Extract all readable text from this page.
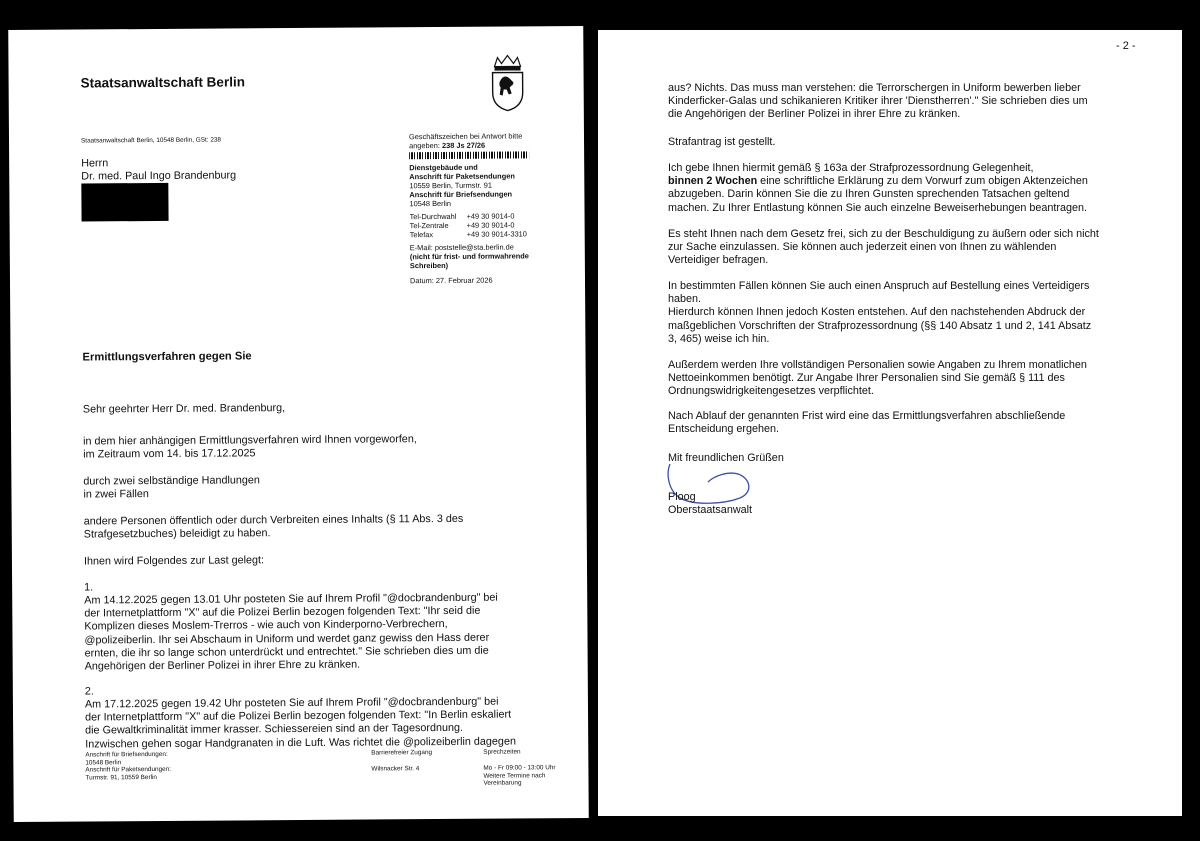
Staatsanwaltschaft Berlin
Staatsanwaltschaft Berlin, 10548 Berlin, GSt: 238
Herrn
Dr. med. Paul Ingo Brandenburg
Geschäftszeichen bei Antwort bitte
angeben: 238 Js 27/26
Dienstgebäude und
Anschrift für Paketsendungen
10559 Berlin, Turmstr. 91
Anschrift für Briefsendungen
10548 Berlin
Tel-Durchwahl	+49 30 9014-0
Tel-Zentrale	+49 30 9014-0
Telefax	+49 30 9014-3310
E-Mail: poststelle@sta.berlin.de
(nicht für frist- und formwahrende Schreiben)
Datum: 27. Februar 2026
Ermittlungsverfahren gegen Sie
Sehr geehrter Herr Dr. med. Brandenburg,
in dem hier anhängigen Ermittlungsverfahren wird Ihnen vorgeworfen,
im Zeitraum vom 14. bis 17.12.2025
durch zwei selbständige Handlungen
in zwei Fällen
andere Personen öffentlich oder durch Verbreiten eines Inhalts (§ 11 Abs. 3 des
Strafgesetzbuches) beleidigt zu haben.
Ihnen wird Folgendes zur Last gelegt:
1.
Am 14.12.2025 gegen 13.01 Uhr posteten Sie auf Ihrem Profil "@docbrandenburg" bei
der Internetplattform "X" auf die Polizei Berlin bezogen folgenden Text: "Ihr seid die
Komplizen dieses Moslem-Trerros - wie auch von Kinderporno-Verbrechern,
@polizeiberlin. Ihr sei Abschaum in Uniform und werdet ganz gewiss den Hass derer
ernten, die ihr so lange schon unterdrückt und entrechtet." Sie schrieben dies um die
Angehörigen der Berliner Polizei in ihrer Ehre zu kränken.
2.
Am 17.12.2025 gegen 19.42 Uhr posteten Sie auf Ihrem Profil "@docbrandenburg" bei
der Internetplattform "X" auf die Polizei Berlin bezogen folgenden Text: "In Berlin eskaliert
die Gewaltkriminalität immer krasser. Schiessereien sind an der Tagesordnung.
Inzwischen gehen sogar Handgranaten in die Luft. Was richtet die @polizeiberlin dagegen
Anschrift für Briefsendungen:
10548 Berlin
Anschrift für Paketsendungen:
Turmstr. 91, 10559 Berlin
Barrierefreier Zugang
Wilsnacker Str. 4
Sprechzeiten
Mo - Fr 09:00 - 13:00 Uhr
Weitere Termine nach
Vereinbarung
- 2 -
aus? Nichts. Das muss man verstehen: die Terrorschergen in Uniform bewerben lieber
Kinderficker-Galas und schikanieren Kritiker ihrer 'Dienstherren'." Sie schrieben dies um
die Angehörigen der Berliner Polizei in ihrer Ehre zu kränken.
Strafantrag ist gestellt.
Ich gebe Ihnen hiermit gemäß § 163a der Strafprozessordnung Gelegenheit,
binnen 2 Wochen eine schriftliche Erklärung zu dem Vorwurf zum obigen Aktenzeichen
abzugeben. Darin können Sie die zu Ihren Gunsten sprechenden Tatsachen geltend
machen. Zu Ihrer Entlastung können Sie auch einzelne Beweiserhebungen beantragen.
Es steht Ihnen nach dem Gesetz frei, sich zu der Beschuldigung zu äußern oder sich nicht
zur Sache einzulassen. Sie können auch jederzeit einen von Ihnen zu wählenden
Verteidiger befragen.
In bestimmten Fällen können Sie auch einen Anspruch auf Bestellung eines Verteidigers
haben.
Hierdurch können Ihnen jedoch Kosten entstehen. Auf den nachstehenden Abdruck der
maßgeblichen Vorschriften der Strafprozessordnung (§§ 140 Absatz 1 und 2, 141 Absatz
3, 465) weise ich hin.
Außerdem werden Ihre vollständigen Personalien sowie Angaben zu Ihrem monatlichen
Nettoeinkommen benötigt. Zur Angabe Ihrer Personalien sind Sie gemäß § 111 des
Ordnungswidrigkeitengesetzes verpflichtet.
Nach Ablauf der genannten Frist wird eine das Ermittlungsverfahren abschließende
Entscheidung ergehen.
Mit freundlichen Grüßen
Ploog
Oberstaatsanwalt
